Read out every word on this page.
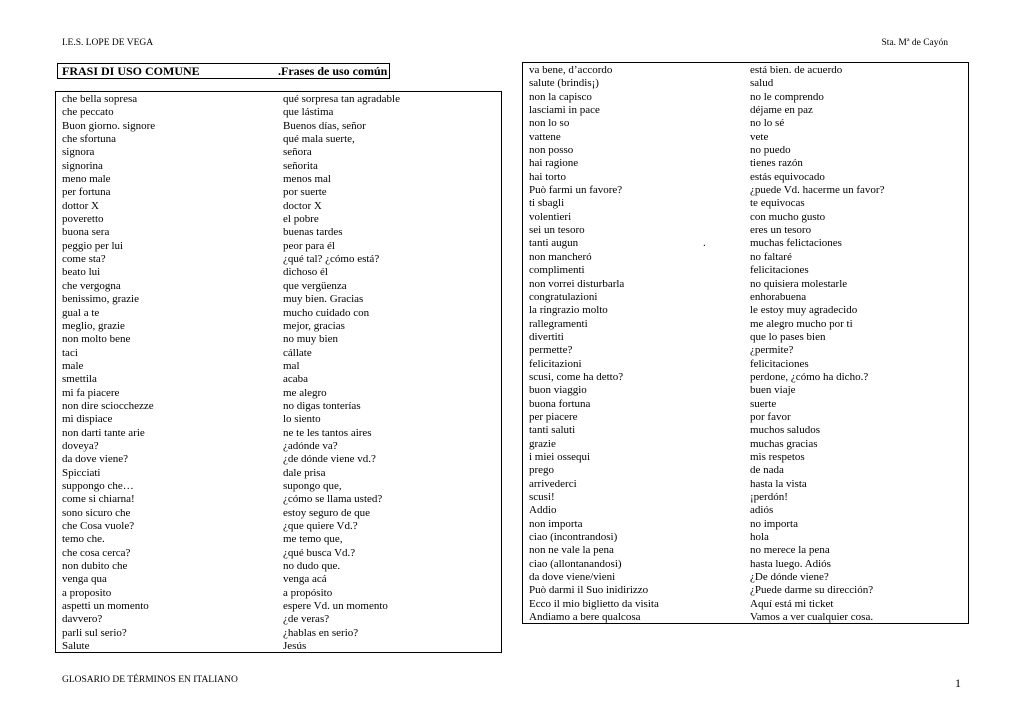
I.E.S. LOPE DE VEGA	Sta. Mª de Cayón
FRASI DI USO COMUNE	.Frases de uso común
che bella sopresa	qué sorpresa tan agradable
che peccato	que lástima
Buon giorno. signore	Buenos días, señor
che sfortuna	qué mala suerte,
signora	señora
signorina	señorita
meno male	menos mal
per fortuna	por suerte
dottor X	doctor X
poveretto	el pobre
buona sera	buenas tardes
peggio per lui	peor para él
come sta?	¿qué tal? ¿cómo está?
beato lui	dichoso él
che vergogna	que vergüenza
benissimo, grazie	muy bien. Gracias
gual a te	mucho cuidado con
meglio, grazie	mejor, gracias
non molto bene	no muy bien
taci	cállate
male	mal
smettila	acaba
mi fa piacere	me alegro
non dire sciocchezze	no digas tonterías
mi dispiace	lo siento
non darti tante arie	ne te les tantos aires
doveya?	¿adónde va?
da dove viene?	¿de dónde viene vd.?
Spicciati	dale prisa
suppongo che…	supongo que,
come si chiarna!	¿cómo se llama usted?
sono sicuro che	estoy seguro de que
che Cosa vuole?	¿que quiere Vd.?
temo che.	me temo que,
che cosa cerca?	¿qué busca Vd.?
non dubito che	no dudo que.
venga qua	venga acá
a proposito	a propósito
aspetti un momento	espere Vd. un momento
davvero?	¿de veras?
parli sul serio?	¿hablas en serio?
Salute	Jesús
va bene, d’accordo	está bien. de acuerdo
salute (brindis¡)	salud
non la capisco	no le comprendo
lasciami in pace	déjame en paz
non lo so	no lo sé
vattene	vete
non posso	no puedo
hai ragione	tienes razón
hai torto	estás equivocado
Può farmi un favore?	¿puede Vd. hacerme un favor?
ti sbagli	te equivocas
volentieri	con mucho gusto
sei un tesoro	eres un tesoro
tanti augun	muchas felictaciones
non mancheró	no faltaré
complimenti	felicitaciones
non vorrei disturbarla	no quisiera molestarle
congratulazioni	enhorabuena
la ringrazio molto	le estoy muy agradecido
rallegramenti	me alegro mucho por ti
divertiti	que lo pases bien
permette?	¿permite?
felicitazioni	felicitaciones
scusi, come ha detto?	perdone, ¿cómo ha dicho.?
buon viaggio	buen viaje
buona fortuna	suerte
per piacere	por favor
tanti saluti	muchos saludos
grazie	muchas gracias
i miei ossequi	mis respetos
prego	de nada
arrivederci	hasta la vista
scusi!	¡perdón!
Addio	adiós
non importa	no importa
ciao (incontrandosi)	hola
non ne vale la pena	no merece la pena
ciao (allontanandosi)	hasta luego. Adiós
da dove viene/vieni	¿De dónde viene?
Può darmi il Suo inidirizzo	¿Puede darme su dirección?
Ecco il mio biglietto da visita	Aquí está mi ticket
Andiamo a bere qualcosa	Vamos a ver cualquier cosa.
.
GLOSARIO DE TÉRMINOS EN ITALIANO	1
